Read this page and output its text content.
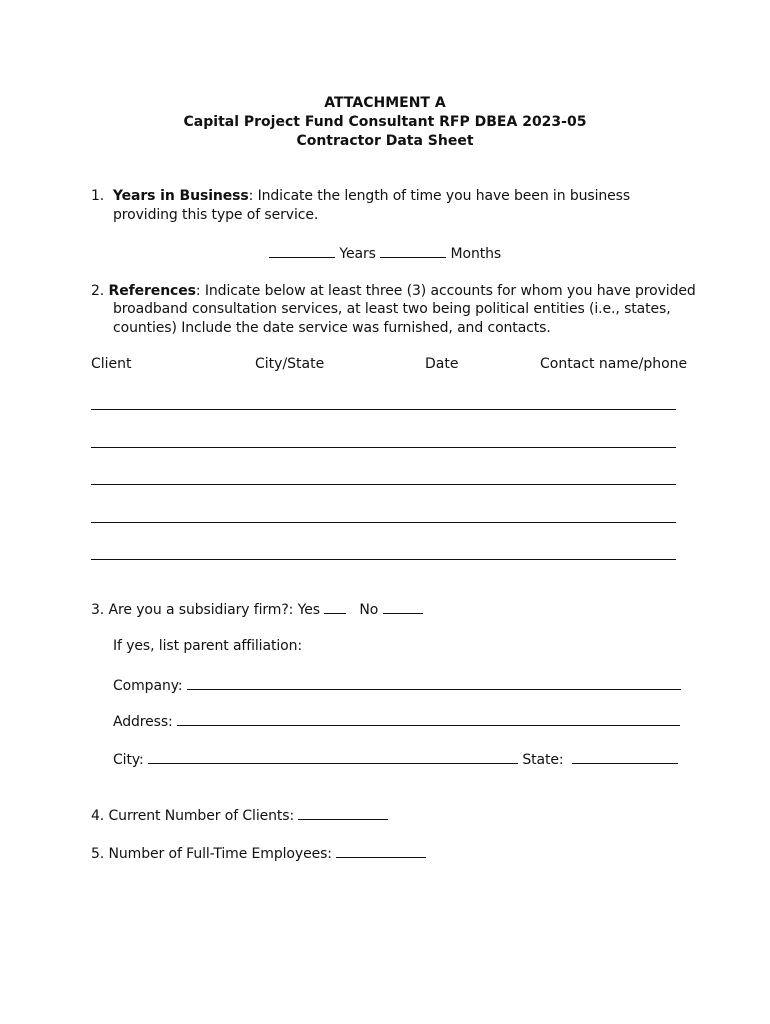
ATTACHMENT A
Capital Project Fund Consultant RFP DBEA 2023-05
Contractor Data Sheet
1. Years in Business: Indicate the length of time you have been in business
providing this type of service.
Years	Months
2. References: Indicate below at least three (3) accounts for whom you have provided
broadband consultation services, at least two being political entities (i.e., states,
counties) Include the date service was furnished, and contacts.
Client	City/State	Date	Contact name/phone
3. Are you a subsidiary firm?: Yes	No
If yes, list parent affiliation:
Company:
Address:
City:	State:
4. Current Number of Clients:
5. Number of Full-Time Employees:
